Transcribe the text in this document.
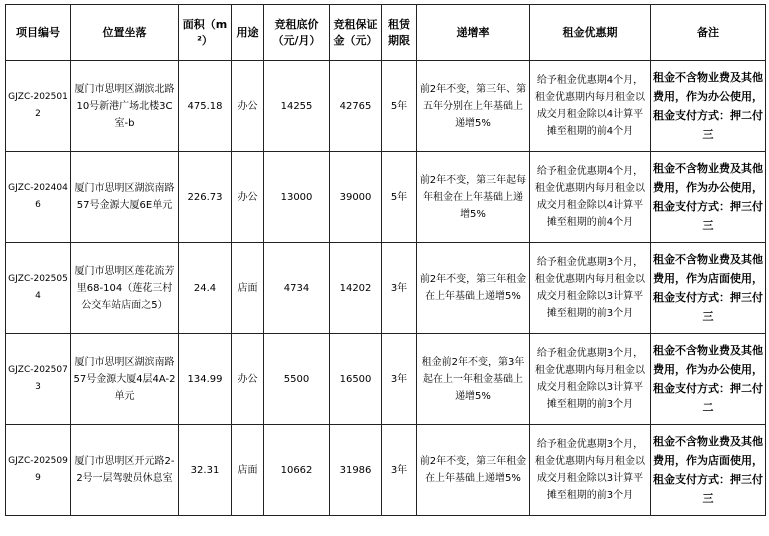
项目编号	位置坐落	面积（m²）	用途	竞租底价（元/月）	竞租保证金（元）	租赁期限	递增率	租金优惠期	备注
GJZC-2025012	厦门市思明区湖滨北路10号新港广场北楼3C室-b	475.18	办公	14255	42765	5年	前2年不变，第三年、第五年分别在上年基础上递增5%	给予租金优惠期4个月，租金优惠期内每月租金以成交月租金除以4计算平摊至租期的前4个月	租金不含物业费及其他费用，作为办公使用，租金支付方式：押二付三
GJZC-2024046	厦门市思明区湖滨南路57号金源大厦6E单元	226.73	办公	13000	39000	5年	前2年不变，第三年起每年租金在上年基础上递增5%	给予租金优惠期4个月，租金优惠期内每月租金以成交月租金除以4计算平摊至租期的前4个月	租金不含物业费及其他费用，作为办公使用，租金支付方式：押三付三
GJZC-2025054	厦门市思明区莲花流芳里68-104（莲花三村公交车站店面之5）	24.4	店面	4734	14202	3年	前2年不变，第三年租金在上年基础上递增5%	给予租金优惠期3个月，租金优惠期内每月租金以成交月租金除以3计算平摊至租期的前3个月	租金不含物业费及其他费用，作为店面使用，租金支付方式：押三付三
GJZC-2025073	厦门市思明区湖滨南路57号金源大厦4层4A-2单元	134.99	办公	5500	16500	3年	租金前2年不变，第3年起在上一年租金基础上递增5%	给予租金优惠期3个月，租金优惠期内每月租金以成交月租金除以3计算平摊至租期的前3个月	租金不含物业费及其他费用，作为办公使用，租金支付方式：押二付二
GJZC-2025099	厦门市思明区开元路2-2号一层驾驶员休息室	32.31	店面	10662	31986	3年	前2年不变，第三年租金在上年基础上递增5%	给予租金优惠期3个月，租金优惠期内每月租金以成交月租金除以3计算平摊至租期的前3个月	租金不含物业费及其他费用，作为店面使用，租金支付方式：押三付三
